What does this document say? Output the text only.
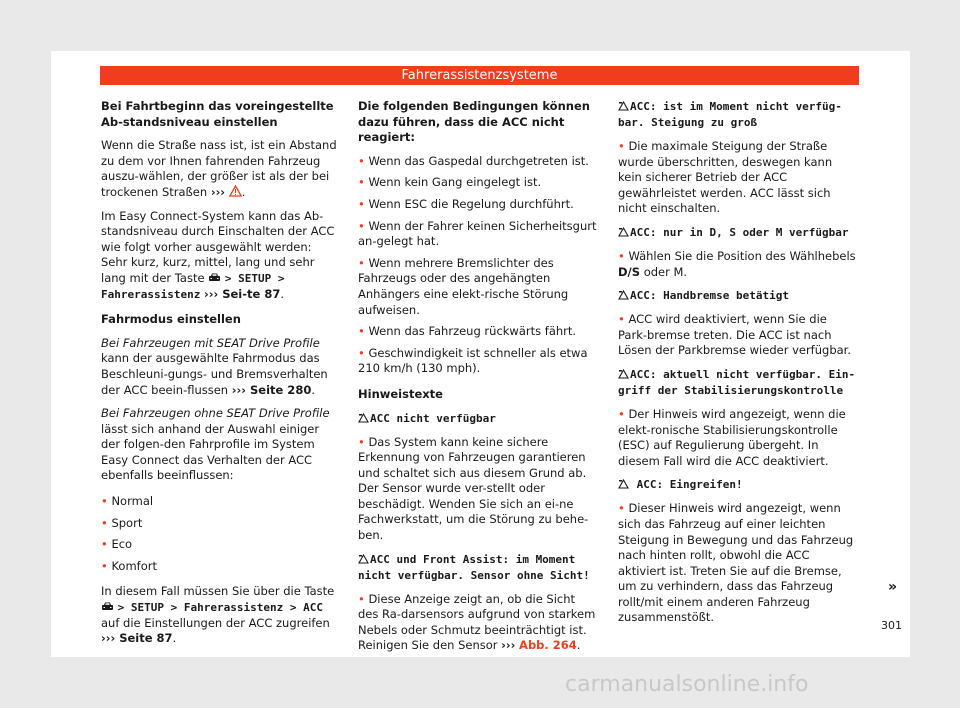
Fahrerassistenzsysteme

Bei Fahrtbeginn das voreingestellte Ab-standsniveau einstellen

Wenn die Straße nass ist, ist ein Abstand zu dem vor Ihnen fahrenden Fahrzeug auszu-wählen, der größer ist als der bei trockenen Straßen ››› .

Im Easy Connect-System kann das Ab-standsniveau durch Einschalten der ACC wie folgt vorher ausgewählt werden: Sehr kurz, kurz, mittel, lang und sehr lang mit der Taste > SETUP > Fahrerassistenz ››› Sei-te 87.

Fahrmodus einstellen

Bei Fahrzeugen mit SEAT Drive Profile kann der ausgewählte Fahrmodus das Beschleuni-gungs- und Bremsverhalten der ACC beein-flussen ››› Seite 280.

Bei Fahrzeugen ohne SEAT Drive Profile lässt sich anhand der Auswahl einiger der folgen-den Fahrprofile im System Easy Connect das Verhalten der ACC ebenfalls beeinflussen:

• Normal
• Sport
• Eco
• Komfort

In diesem Fall müssen Sie über die Taste  > SETUP > Fahrerassistenz > ACC auf die Einstellungen der ACC zugreifen ››› Seite 87.

Die folgenden Bedingungen können dazu führen, dass die ACC nicht reagiert:

• Wenn das Gaspedal durchgetreten ist.
• Wenn kein Gang eingelegt ist.
• Wenn ESC die Regelung durchführt.
• Wenn der Fahrer keinen Sicherheitsgurt an-gelegt hat.
• Wenn mehrere Bremslichter des Fahrzeugs oder des angehängten Anhängers eine elekt-rische Störung aufweisen.
• Wenn das Fahrzeug rückwärts fährt.
• Geschwindigkeit ist schneller als etwa 210 km/h (130 mph).

Hinweistexte

ACC nicht verfügbar

• Das System kann keine sichere Erkennung von Fahrzeugen garantieren und schaltet sich aus diesem Grund ab. Der Sensor wurde ver-stellt oder beschädigt. Wenden Sie sich an ei-ne Fachwerkstatt, um die Störung zu behe-ben.

ACC und Front Assist: im Moment nicht verfügbar. Sensor ohne Sicht!

• Diese Anzeige zeigt an, ob die Sicht des Ra-darsensors aufgrund von starkem Nebels oder Schmutz beeinträchtigt ist. Reinigen Sie den Sensor ››› Abb. 264.

ACC: ist im Moment nicht verfüg-bar. Steigung zu groß

• Die maximale Steigung der Straße wurde überschritten, deswegen kann kein sicherer Betrieb der ACC gewährleistet werden. ACC lässt sich nicht einschalten.

ACC: nur in D, S oder M verfügbar

• Wählen Sie die Position des Wählhebels D/S oder M.

ACC: Handbremse betätigt

• ACC wird deaktiviert, wenn Sie die Park-bremse treten. Die ACC ist nach Lösen der Parkbremse wieder verfügbar.

ACC: aktuell nicht verfügbar. Ein-griff der Stabilisierungskontrolle

• Der Hinweis wird angezeigt, wenn die elekt-ronische Stabilisierungskontrolle (ESC) auf Regulierung übergeht. In diesem Fall wird die ACC deaktiviert.

ACC: Eingreifen!

• Dieser Hinweis wird angezeigt, wenn sich das Fahrzeug auf einer leichten Steigung in Bewegung und das Fahrzeug nach hinten rollt, obwohl die ACC aktiviert ist. Treten Sie auf die Bremse, um zu verhindern, dass das Fahrzeug rollt/mit einem anderen Fahrzeug zusammenstößt.

»
301
carmanualsonline.info
